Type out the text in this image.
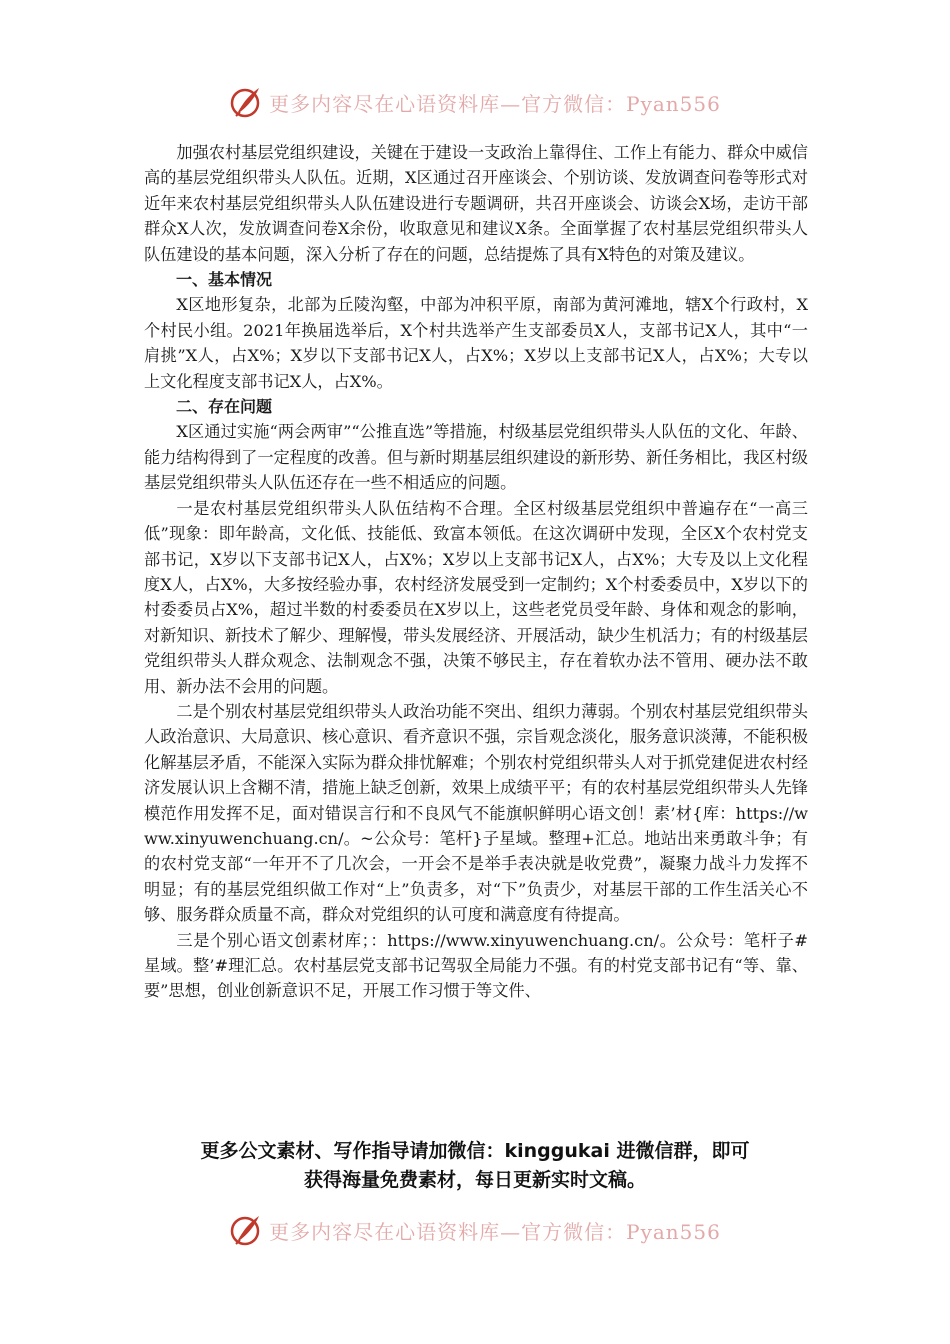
更多内容尽在心语资料库—官方微信：Pyan556

加强农村基层党组织建设，关键在于建设一支政治上靠得住、工作上有能力、群众中威信高的基层党组织带头人队伍。近期，X区通过召开座谈会、个别访谈、发放调查问卷等形式对近年来农村基层党组织带头人队伍建设进行专题调研，共召开座谈会、访谈会X场，走访干部群众X人次，发放调查问卷X余份，收取意见和建议X条。全面掌握了农村基层党组织带头人队伍建设的基本问题，深入分析了存在的问题，总结提炼了具有X特色的对策及建议。

一、基本情况

X区地形复杂，北部为丘陵沟壑，中部为冲积平原，南部为黄河滩地，辖X个行政村，X个村民小组。2021年换届选举后，X个村共选举产生支部委员X人，支部书记X人，其中“一肩挑”X人，占X%；X岁以下支部书记X人，占X%；X岁以上支部书记X人，占X%；大专以上文化程度支部书记X人，占X%。

二、存在问题

X区通过实施“两会两审”“公推直选”等措施，村级基层党组织带头人队伍的文化、年龄、能力结构得到了一定程度的改善。但与新时期基层组织建设的新形势、新任务相比，我区村级基层党组织带头人队伍还存在一些不相适应的问题。

一是农村基层党组织带头人队伍结构不合理。全区村级基层党组织中普遍存在“一高三低”现象：即年龄高，文化低、技能低、致富本领低。在这次调研中发现，全区X个农村党支部书记，X岁以下支部书记X人，占X%；X岁以上支部书记X人，占X%；大专及以上文化程度X人，占X%，大多按经验办事，农村经济发展受到一定制约；X个村委委员中，X岁以下的村委委员占X%，超过半数的村委委员在X岁以上，这些老党员受年龄、身体和观念的影响，对新知识、新技术了解少、理解慢，带头发展经济、开展活动，缺少生机活力；有的村级基层党组织带头人群众观念、法制观念不强，决策不够民主，存在着软办法不管用、硬办法不敢用、新办法不会用的问题。

二是个别农村基层党组织带头人政治功能不突出、组织力薄弱。个别农村基层党组织带头人政治意识、大局意识、核心意识、看齐意识不强，宗旨观念淡化，服务意识淡薄，不能积极化解基层矛盾，不能深入实际为群众排忧解难；个别农村党组织带头人对于抓党建促进农村经济发展认识上含糊不清，措施上缺乏创新，效果上成绩平平；有的农村基层党组织带头人先锋模范作用发挥不足，面对错误言行和不良风气不能旗帜鲜明心语文创！素’材{库：https://www.xinyuwenchuang.cn/。~公众号：笔杆}子星域。整理+汇总。地站出来勇敢斗争；有的农村党支部“一年开不了几次会，一开会不是举手表决就是收党费”，凝聚力战斗力发挥不明显；有的基层党组织做工作对“上”负责多，对“下”负责少，对基层干部的工作生活关心不够、服务群众质量不高，群众对党组织的认可度和满意度有待提高。

三是个别心语文创素材库；：https://www.xinyuwenchuang.cn/。公众号：笔杆子#星域。整’#理汇总。农村基层党支部书记驾驭全局能力不强。有的村党支部书记有“等、靠、要”思想，创业创新意识不足，开展工作习惯于等文件、

更多公文素材、写作指导请加微信：kinggukai 进微信群，即可
获得海量免费素材，每日更新实时文稿。
更多内容尽在心语资料库—官方微信：Pyan556
